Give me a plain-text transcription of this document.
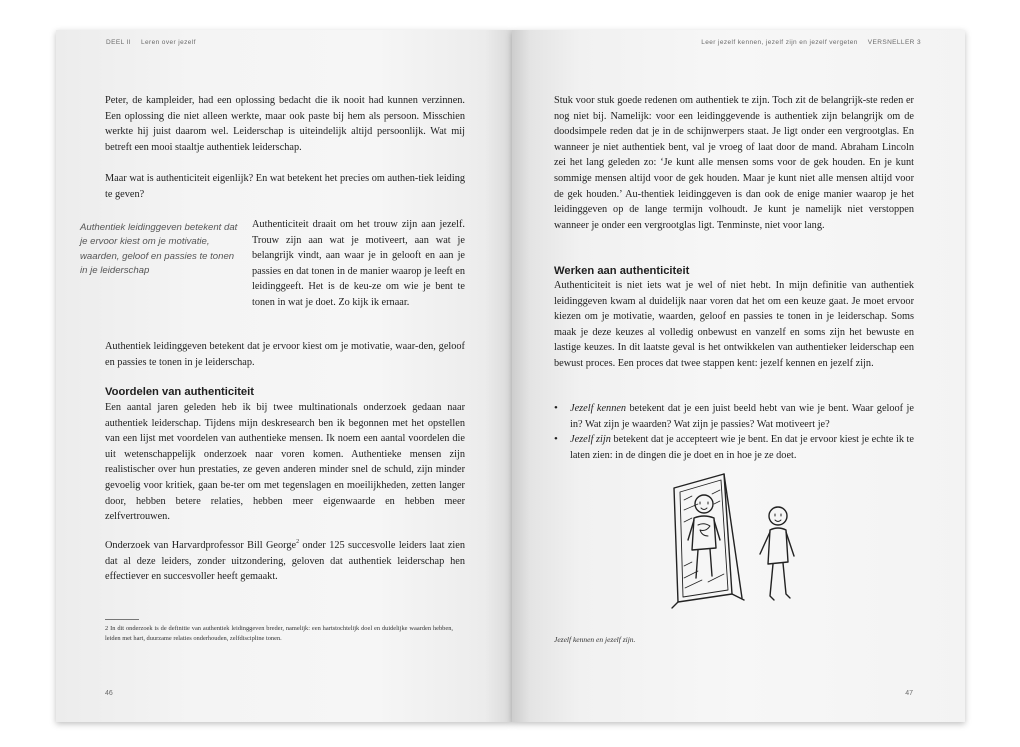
DEEL II Leren over jezelf

Peter, de kampleider, had een oplossing bedacht die ik nooit had kunnen verzinnen. Een oplossing die niet alleen werkte, maar ook paste bij hem als persoon. Misschien werkte hij juist daarom wel. Leiderschap is uiteindelijk altijd persoonlijk. Wat mij betreft een mooi staaltje authentiek leiderschap.

Maar wat is authenticiteit eigenlijk? En wat betekent het precies om authen-tiek leiding te geven?

Authentiek leidinggeven betekent dat je ervoor kiest om je motivatie, waarden, geloof en passies te tonen in je leiderschap

Authenticiteit draait om het trouw zijn aan jezelf. Trouw zijn aan wat je motiveert, aan wat je belangrijk vindt, aan waar je in gelooft en aan je passies en dat tonen in de manier waarop je leeft en leidinggeeft. Het is de keu-ze om wie je bent te tonen in wat je doet. Zo kijk ik ernaar.

Authentiek leidinggeven betekent dat je ervoor kiest om je motivatie, waar-den, geloof en passies te tonen in je leiderschap.

Voordelen van authenticiteit

Een aantal jaren geleden heb ik bij twee multinationals onderzoek gedaan naar authentiek leiderschap. Tijdens mijn deskresearch ben ik begonnen met het opstellen van een lijst met voordelen van authentieke mensen. Ik noem een aantal voordelen die uit wetenschappelijk onderzoek naar voren komen. Authentieke mensen zijn realistischer over hun prestaties, ze geven anderen minder snel de schuld, zijn minder gevoelig voor kritiek, gaan be-ter om met tegenslagen en moeilijkheden, zetten langer door, hebben betere relaties, hebben meer eigenwaarde en hebben meer zelfvertrouwen.

Onderzoek van Harvardprofessor Bill George$^2$ onder 125 succesvolle leiders laat zien dat al deze leiders, zonder uitzondering, geloven dat authentiek leiderschap hen effectiever en succesvoller heeft gemaakt.

2 In dit onderzoek is de definitie van authentiek leidinggeven breder, namelijk: een hartstochtelijk doel en duidelijke waarden hebben, leiden met hart, duurzame relaties onderhouden, zelfdiscipline tonen.
46
Leer jezelf kennen, jezelf zijn en jezelf vergeten VERSNELLER 3

Stuk voor stuk goede redenen om authentiek te zijn. Toch zit de belangrijk-ste reden er nog niet bij. Namelijk: voor een leidinggevende is authentiek zijn belangrijk om de doodsimpele reden dat je in de schijnwerpers staat. Je ligt onder een vergrootglas. En wanneer je niet authentiek bent, val je vroeg of laat door de mand. Abraham Lincoln zei het lang geleden zo: ‘Je kunt alle mensen soms voor de gek houden. En je kunt sommige mensen altijd voor de gek houden. Maar je kunt niet alle mensen altijd voor de gek houden.’ Au-thentiek leidinggeven is dan ook de enige manier waarop je het leidinggeven op de lange termijn volhoudt. Je kunt je namelijk niet verstoppen wanneer je onder een vergrootglas ligt. Tenminste, niet voor lang.

Werken aan authenticiteit

Authenticiteit is niet iets wat je wel of niet hebt. In mijn definitie van authentiek leidinggeven kwam al duidelijk naar voren dat het om een keuze gaat. Je moet ervoor kiezen om je motivatie, waarden, geloof en passies te tonen in je leiderschap. Soms maak je deze keuzes al volledig onbewust en vanzelf en soms zijn het bewuste en lastige keuzes. In dit laatste geval is het ontwikkelen van authentieker leiderschap een bewust proces. Een proces dat twee stappen kent: jezelf kennen en jezelf zijn.

• Jezelf kennen betekent dat je een juist beeld hebt van wie je bent. Waar geloof je in? Wat zijn je waarden? Wat zijn je passies? Wat motiveert je?
• Jezelf zijn betekent dat je accepteert wie je bent. En dat je ervoor kiest je echte ik te laten zien: in de dingen die je doet en in hoe je ze doet.
Jezelf kennen en jezelf zijn.
47
